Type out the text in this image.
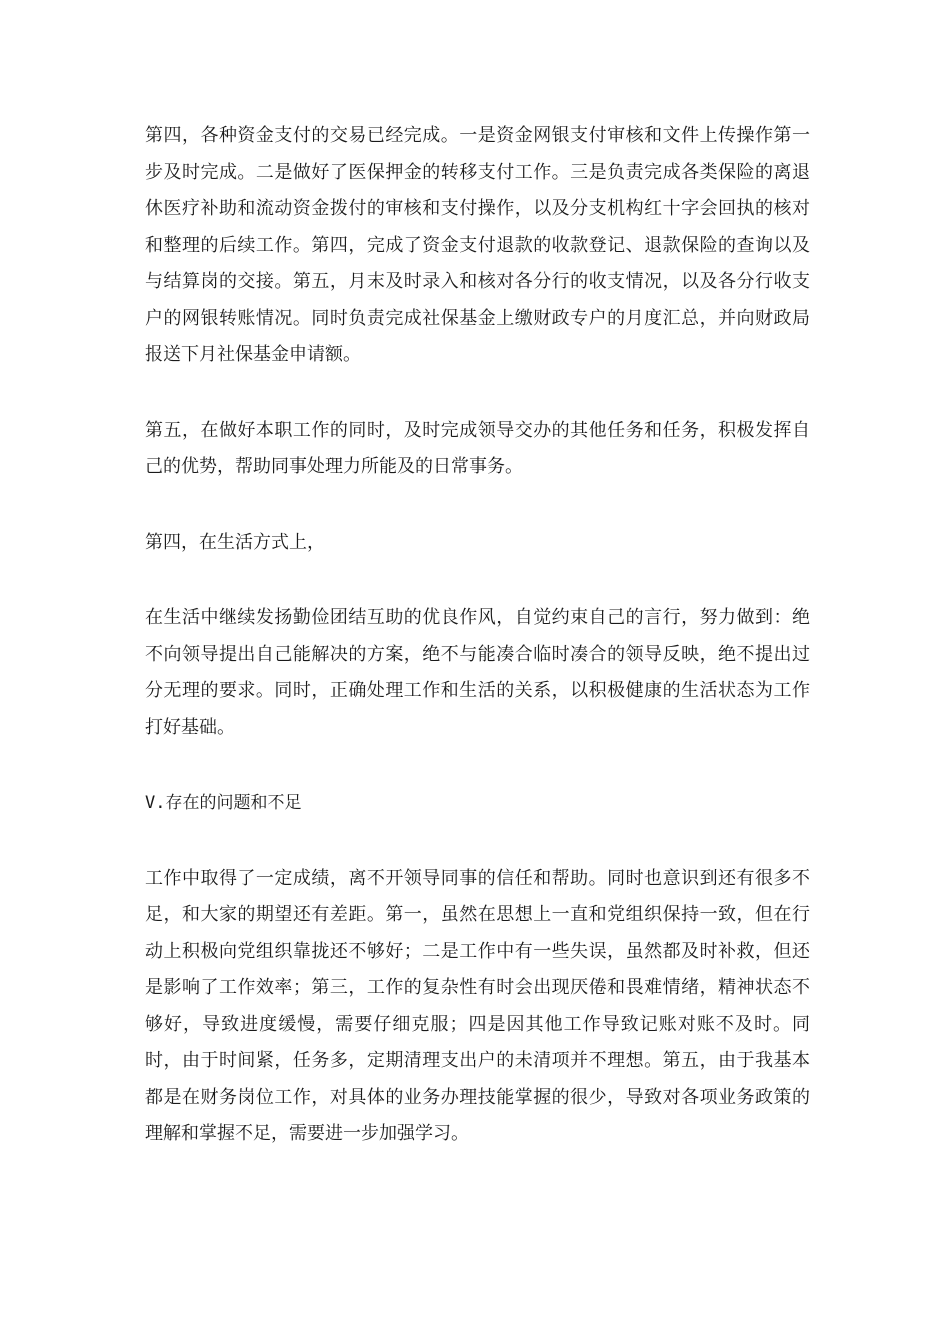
第四，各种资金支付的交易已经完成。一是资金网银支付审核和文件上传操作第一步及时完成。二是做好了医保押金的转移支付工作。三是负责完成各类保险的离退休医疗补助和流动资金拨付的审核和支付操作，以及分支机构红十字会回执的核对和整理的后续工作。第四，完成了资金支付退款的收款登记、退款保险的查询以及与结算岗的交接。第五，月末及时录入和核对各分行的收支情况，以及各分行收支户的网银转账情况。同时负责完成社保基金上缴财政专户的月度汇总，并向财政局报送下月社保基金申请额。

第五，在做好本职工作的同时，及时完成领导交办的其他任务和任务，积极发挥自己的优势，帮助同事处理力所能及的日常事务。

第四，在生活方式上，

在生活中继续发扬勤俭团结互助的优良作风，自觉约束自己的言行，努力做到：绝不向领导提出自己能解决的方案，绝不与能凑合临时凑合的领导反映，绝不提出过分无理的要求。同时，正确处理工作和生活的关系，以积极健康的生活状态为工作打好基础。

V.存在的问题和不足

工作中取得了一定成绩，离不开领导同事的信任和帮助。同时也意识到还有很多不足，和大家的期望还有差距。第一，虽然在思想上一直和党组织保持一致，但在行动上积极向党组织靠拢还不够好；二是工作中有一些失误，虽然都及时补救，但还是影响了工作效率；第三，工作的复杂性有时会出现厌倦和畏难情绪，精神状态不够好，导致进度缓慢，需要仔细克服；四是因其他工作导致记账对账不及时。同时，由于时间紧，任务多，定期清理支出户的未清项并不理想。第五，由于我基本都是在财务岗位工作，对具体的业务办理技能掌握的很少，导致对各项业务政策的理解和掌握不足，需要进一步加强学习。
